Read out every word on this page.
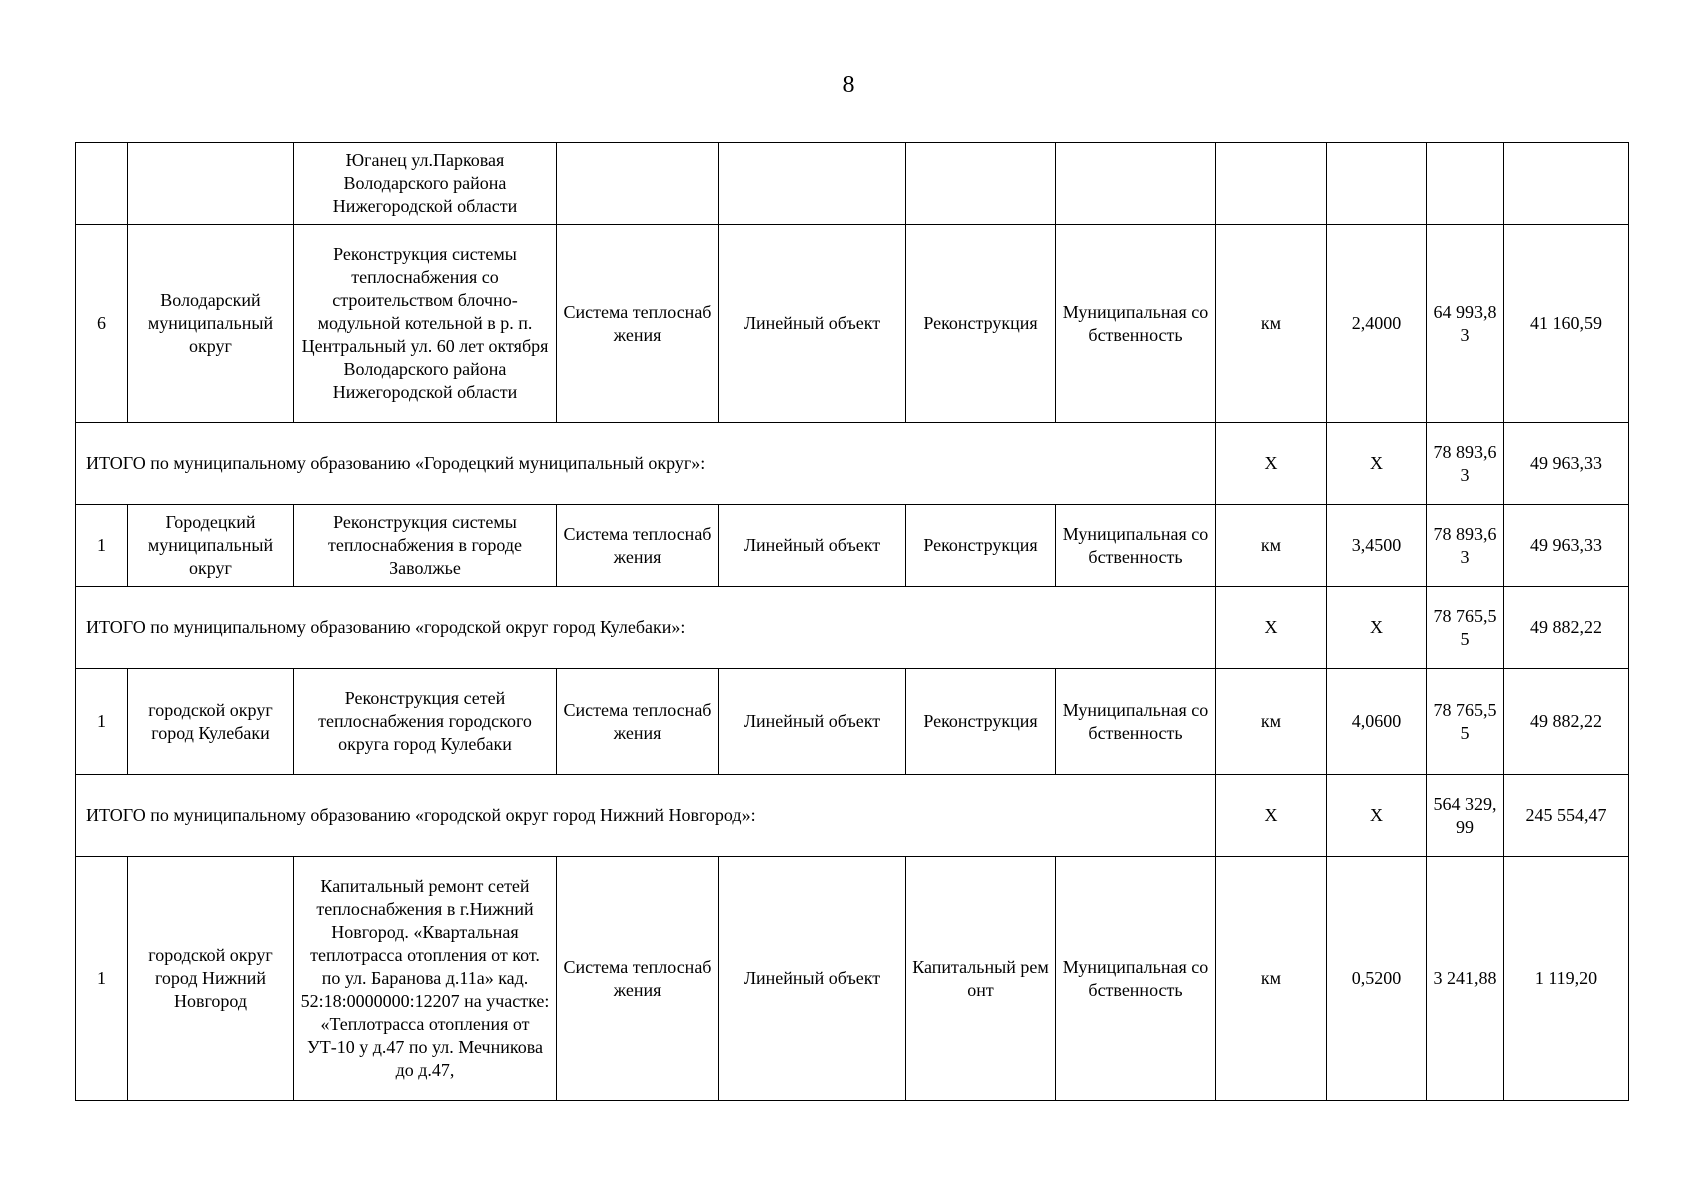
8
		Юганец ул.Парковая Володарского района Нижегородской области								
6	Володарский муниципальный округ	Реконструкция системы теплоснабжения со строительством блочно-модульной котельной в р. п. Центральный ул. 60 лет октября Володарского района Нижегородской области	Система теплоснабжения	Линейный объект	Реконструкция	Муниципальная собственность	км	2,4000	64 993,83	41 160,59
ИТОГО по муниципальному образованию «Городецкий муниципальный округ»:							X	X	78 893,63	49 963,33
1	Городецкий муниципальный округ	Реконструкция системы теплоснабжения в городе Заволжье	Система теплоснабжения	Линейный объект	Реконструкция	Муниципальная собственность	км	3,4500	78 893,63	49 963,33
ИТОГО по муниципальному образованию «городской округ город Кулебаки»:							X	X	78 765,55	49 882,22
1	городской округ город Кулебаки	Реконструкция сетей теплоснабжения городского округа город Кулебаки	Система теплоснабжения	Линейный объект	Реконструкция	Муниципальная собственность	км	4,0600	78 765,55	49 882,22
ИТОГО по муниципальному образованию «городской округ город Нижний Новгород»:							X	X	564 329,99	245 554,47
1	городской округ город Нижний Новгород	Капитальный ремонт сетей теплоснабжения в г.Нижний Новгород. «Квартальная теплотрасса отопления от кот. по ул. Баранова д.11а» кад. 52:18:0000000:12207 на участке: «Теплотрасса отопления от УТ-10 у д.47 по ул. Мечникова до д.47,	Система теплоснабжения	Линейный объект	Капитальный ремонт	Муниципальная собственность	км	0,5200	3 241,88	1 119,20
